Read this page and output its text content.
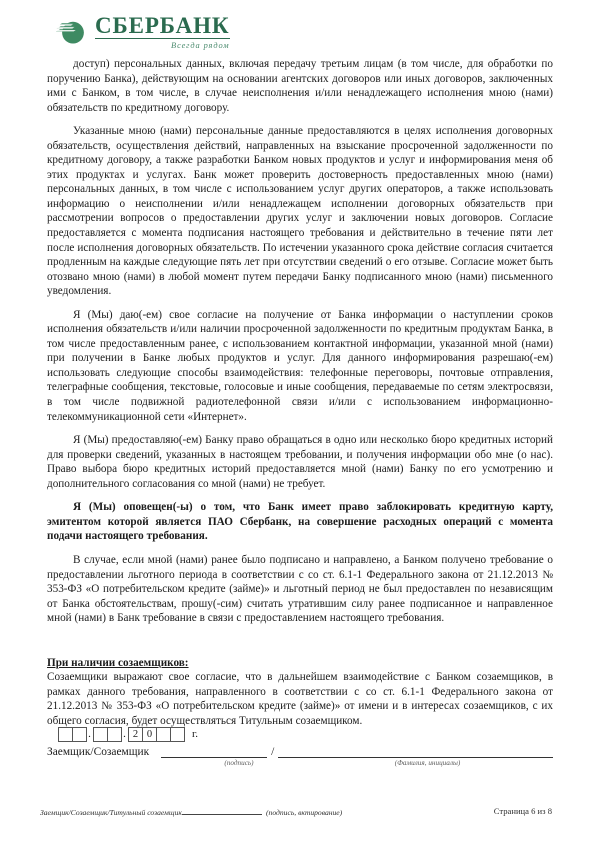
СБЕРБАНК
Всегда рядом

доступ) персональных данных, включая передачу третьим лицам (в том числе, для обработки по поручению Банка), действующим на основании агентских договоров или иных договоров, заключенных ими с Банком, в том числе, в случае неисполнения и/или ненадлежащего исполнения мною (нами) обязательств по кредитному договору.

Указанные мною (нами) персональные данные предоставляются в целях исполнения договорных обязательств, осуществления действий, направленных на взыскание просроченной задолженности по кредитному договору, а также разработки Банком новых продуктов и услуг и информирования меня об этих продуктах и услугах. Банк может проверить достоверность предоставленных мною (нами) персональных данных, в том числе с использованием услуг других операторов, а также использовать информацию о неисполнении и/или ненадлежащем исполнении договорных обязательств при рассмотрении вопросов о предоставлении других услуг и заключении новых договоров. Согласие предоставляется с момента подписания настоящего требования и действительно в течение пяти лет после исполнения договорных обязательств. По истечении указанного срока действие согласия считается продленным на каждые следующие пять лет при отсутствии сведений о его отзыве. Согласие может быть отозвано мною (нами) в любой момент путем передачи Банку подписанного мною (нами) письменного уведомления.

Я (Мы) даю(-ем) свое согласие на получение от Банка информации о наступлении сроков исполнения обязательств и/или наличии просроченной задолженности по кредитным продуктам Банка, в том числе предоставленным ранее, с использованием контактной информации, указанной мной (нами) при получении в Банке любых продуктов и услуг. Для данного информирования разрешаю(-ем) использовать следующие способы взаимодействия: телефонные переговоры, почтовые отправления, телеграфные сообщения, текстовые, голосовые и иные сообщения, передаваемые по сетям электросвязи, в том числе подвижной радиотелефонной связи и/или с использованием информационно-телекоммуникационной сети «Интернет».

Я (Мы) предоставляю(-ем) Банку право обращаться в одно или несколько бюро кредитных историй для проверки сведений, указанных в настоящем требовании, и получения информации обо мне (о нас). Право выбора бюро кредитных историй предоставляется мной (нами) Банку по его усмотрению и дополнительного согласования со мной (нами) не требует.

Я (Мы) оповещен(-ы) о том, что Банк имеет право заблокировать кредитную карту, эмитентом которой является ПАО Сбербанк, на совершение расходных операций с момента подачи настоящего требования.

В случае, если мной (нами) ранее было подписано и направлено, а Банком получено требование о предоставлении льготного периода в соответствии с со ст. 6.1-1 Федерального закона от 21.12.2013 № 353-ФЗ «О потребительском кредите (займе)» и льготный период не был предоставлен по независящим от Банка обстоятельствам, прошу(-сим) считать утратившим силу ранее подписанное и направленное мной (нами) в Банк требование в связи с предоставлением настоящего требования.

При наличии созаемщиков:

Созаемщики выражают свое согласие, что в дальнейшем взаимодействие с Банком созаемщиков, в рамках данного требования, направленного в соответствии с со ст. 6.1-1 Федерального закона от 21.12.2013 № 353-ФЗ «О потребительском кредите (займе)» от имени и в интересах созаемщиков, с их общего согласия, будет осуществляться Титульным созаемщиком.

.	. 2 0	г.
Заемщик/Созаемщик	/
(подпись)	(Фамилия, инициалы)
Заемщик/Созаемщик/Титульный созаемщик	(подпись, вктирование)	Страница 6 из 8
